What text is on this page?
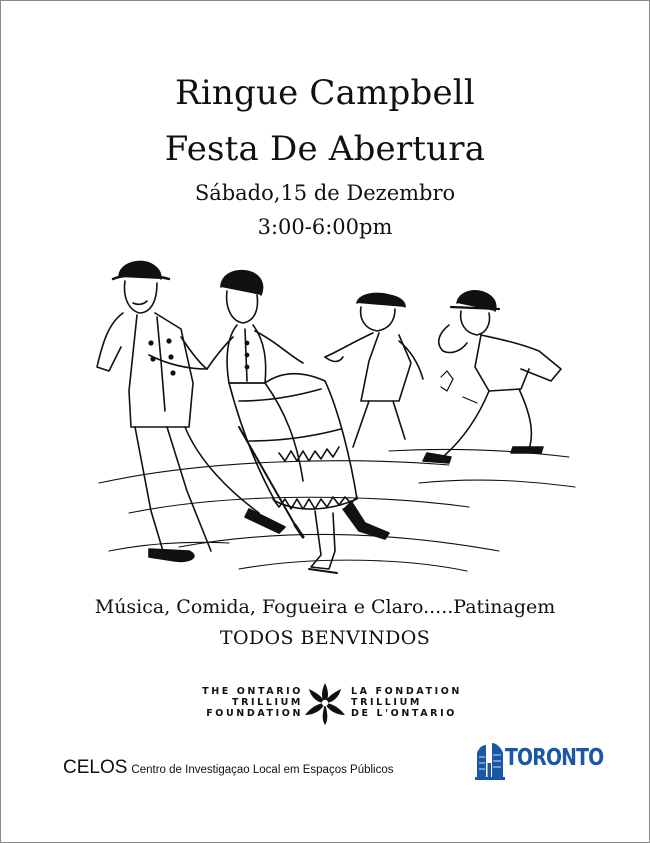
Ringue Campbell
Festa De Abertura
Sábado,15 de Dezembro
3:00-6:00pm
Música, Comida, Fogueira e Claro.....Patinagem
TODOS BENVINDOS
THE ONTARIO
TRILLIUM
FOUNDATION
LA FONDATION
TRILLIUM
DE L'ONTARIO
CELOS Centro de Investigaçao Local em Espaços Públicos	TORONTO
